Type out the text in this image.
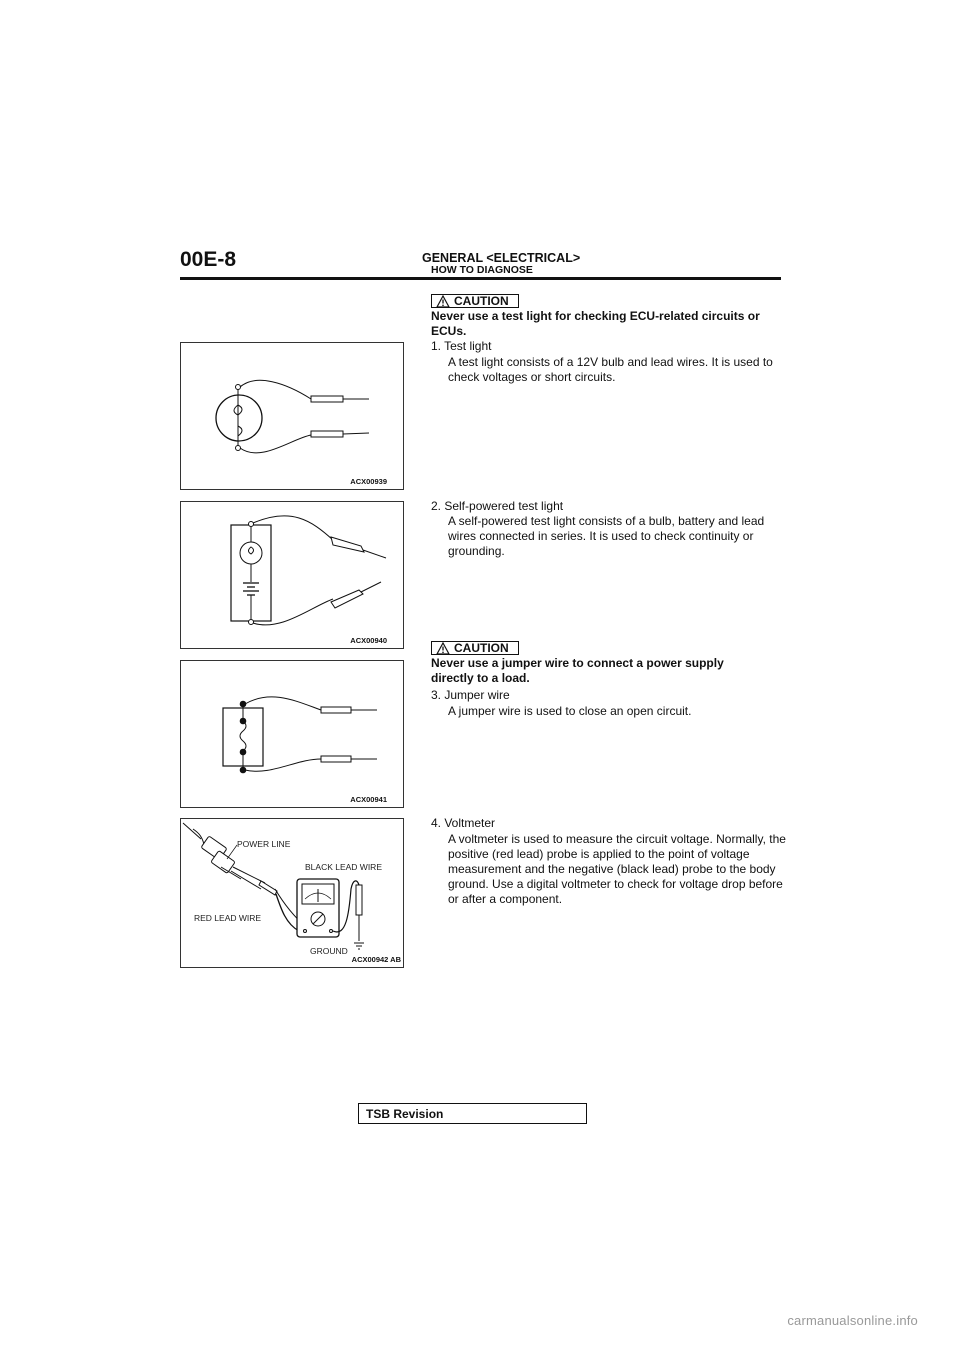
00E-8	GENERAL <ELECTRICAL>
HOW TO DIAGNOSE
CAUTION
Never use a test light for checking ECU-related circuits or ECUs.
1. Test light
A test light consists of a 12V bulb and lead wires. It is used to check voltages or short circuits.
ACX00939
2. Self-powered test light
A self-powered test light consists of a bulb, battery and lead wires connected in series. It is used to check continuity or grounding.
ACX00940
CAUTION
Never use a jumper wire to connect a power supply directly to a load.
3. Jumper wire
A jumper wire is used to close an open circuit.
ACX00941
4. Voltmeter
A voltmeter is used to measure the circuit voltage. Normally, the positive (red lead) probe is applied to the point of voltage measurement and the negative (black lead) probe to the body ground. Use a digital voltmeter to check for voltage drop before or after a component.
POWER LINE
BLACK LEAD WIRE
RED LEAD WIRE
GROUND
ACX00942 AB
TSB Revision
carmanualsonline.info
